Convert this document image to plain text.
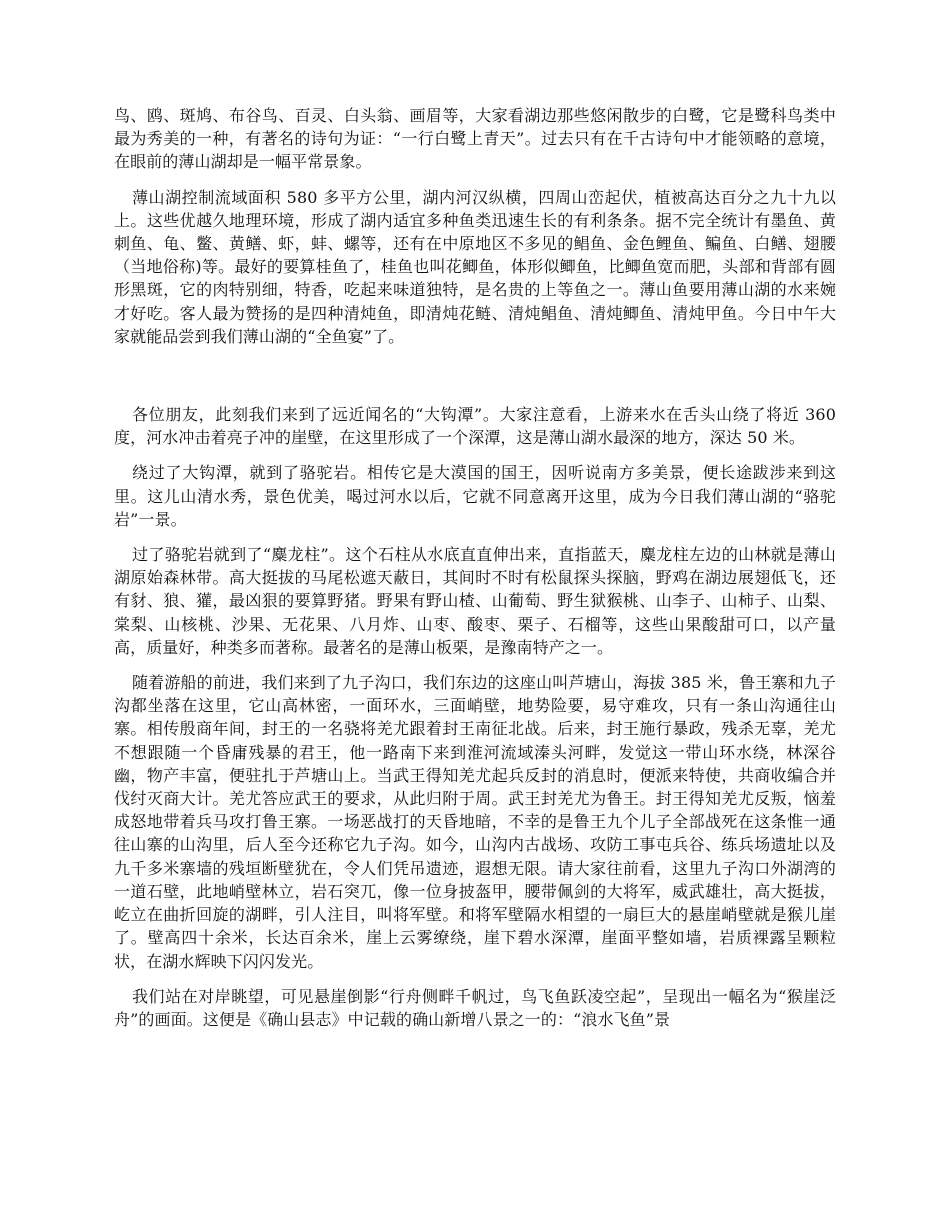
鸟、鸥、斑鸠、布谷鸟、百灵、白头翁、画眉等，大家看湖边那些悠闲散步的白鹭，它是鹭科鸟类中最为秀美的一种，有著名的诗句为证：“一行白鹭上青天”。过去只有在千古诗句中才能领略的意境，在眼前的薄山湖却是一幅平常景象。

薄山湖控制流域面积 580 多平方公里，湖内河汉纵横，四周山峦起伏，植被高达百分之九十九以上。这些优越久地理环境，形成了湖内适宜多种鱼类迅速生长的有利条条。据不完全统计有墨鱼、黄刺鱼、龟、鳖、黄鳝、虾，蚌、螺等，还有在中原地区不多见的鲳鱼、金色鲤鱼、鳊鱼、白鳝、翅腰（当地俗称)等。最好的要算桂鱼了，桂鱼也叫花鲫鱼，体形似鲫鱼，比鲫鱼宽而肥，头部和背部有圆形黑斑，它的肉特别细，特香，吃起来味道独特，是名贵的上等鱼之一。薄山鱼要用薄山湖的水来婉才好吃。客人最为赞扬的是四种清炖鱼，即清炖花鲢、清炖鲳鱼、清炖鲫鱼、清炖甲鱼。今日中午大家就能品尝到我们薄山湖的“全鱼宴”了。

各位朋友，此刻我们来到了远近闻名的“大钩潭”。大家注意看，上游来水在舌头山绕了将近 360 度，河水冲击着亮子冲的崖壁，在这里形成了一个深潭，这是薄山湖水最深的地方，深达 50 米。

绕过了大钩潭，就到了骆驼岩。相传它是大漠国的国王，因听说南方多美景，便长途跋涉来到这里。这儿山清水秀，景色优美，喝过河水以后，它就不同意离开这里，成为今日我们薄山湖的“骆驼岩”一景。

过了骆驼岩就到了“麋龙柱”。这个石柱从水底直直伸出来，直指蓝天，麋龙柱左边的山林就是薄山湖原始森林带。高大挺拔的马尾松遮天蔽日，其间时不时有松鼠探头探脑，野鸡在湖边展翅低飞，还有豺、狼、獾，最凶狠的要算野猪。野果有野山楂、山葡萄、野生狱猴桃、山李子、山柿子、山梨、棠梨、山核桃、沙果、无花果、八月炸、山枣、酸枣、栗子、石榴等，这些山果酸甜可口，以产量高，质量好，种类多而著称。最著名的是薄山板栗，是豫南特产之一。

随着游船的前进，我们来到了九子沟口，我们东边的这座山叫芦塘山，海拔 385 米，鲁王寨和九子沟都坐落在这里，它山高林密，一面环水，三面峭壁，地势险要，易守难攻，只有一条山沟通往山寨。相传殷商年间，封王的一名骁将羌尤跟着封王南征北战。后来，封王施行暴政，残杀无辜，羌尤不想跟随一个昏庸残暴的君王，他一路南下来到淮河流域溱头河畔，发觉这一带山环水绕，林深谷幽，物产丰富，便驻扎于芦塘山上。当武王得知羌尤起兵反封的消息时，便派来特使，共商收编合并伐纣灭商大计。羌尤答应武王的要求，从此归附于周。武王封羌尤为鲁王。封王得知羌尤反叛，恼羞成怒地带着兵马攻打鲁王寨。一场恶战打的天昏地暗，不幸的是鲁王九个儿子全部战死在这条惟一通往山寨的山沟里，后人至今还称它九子沟。如今，山沟内古战场、攻防工事屯兵谷、练兵场遗址以及九千多米寨墙的残垣断壁犹在，令人们凭吊遗迹，遐想无限。请大家往前看，这里九子沟口外湖湾的一道石壁，此地峭壁林立，岩石突兀，像一位身披盔甲，腰带佩剑的大将军，威武雄壮，高大挺拔，屹立在曲折回旋的湖畔，引人注目，叫将军壁。和将军壁隔水相望的一扇巨大的悬崖峭壁就是猴儿崖了。壁高四十余米，长达百余米，崖上云雾缭绕，崖下碧水深潭，崖面平整如墙，岩质裸露呈颗粒状，在湖水辉映下闪闪发光。

我们站在对岸眺望，可见悬崖倒影“行舟侧畔千帆过，鸟飞鱼跃凌空起”，呈现出一幅名为“猴崖泛舟”的画面。这便是《确山县志》中记载的确山新增八景之一的：“浪水飞鱼”景
